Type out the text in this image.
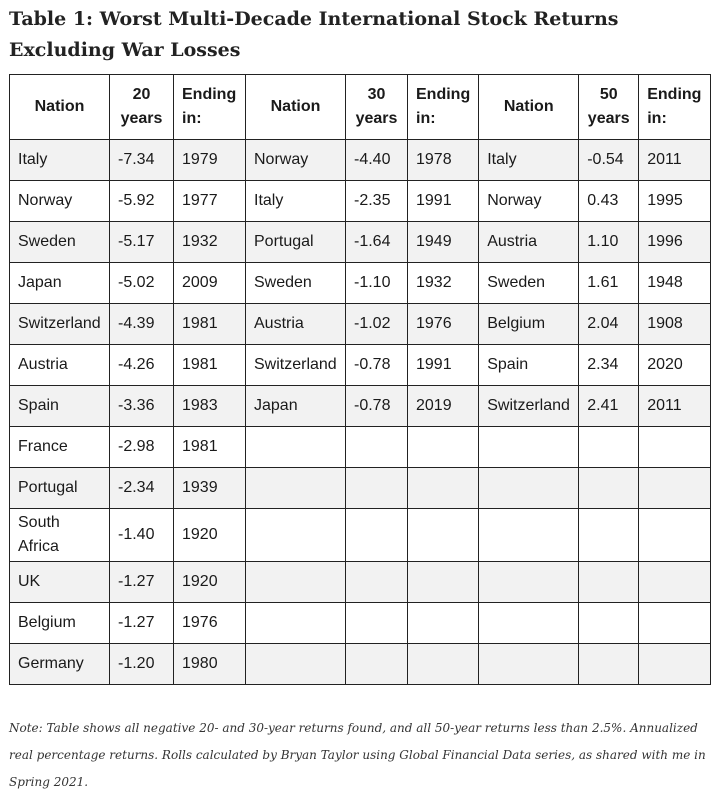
Table 1: Worst Multi-Decade International Stock Returns Excluding War Losses
Nation	20 years	Ending in:	Nation	30 years	Ending in:	Nation	50 years	Ending in:
Italy	-7.34	1979	Norway	-4.40	1978	Italy	-0.54	2011
Norway	-5.92	1977	Italy	-2.35	1991	Norway	0.43	1995
Sweden	-5.17	1932	Portugal	-1.64	1949	Austria	1.10	1996
Japan	-5.02	2009	Sweden	-1.10	1932	Sweden	1.61	1948
Switzerland	-4.39	1981	Austria	-1.02	1976	Belgium	2.04	1908
Austria	-4.26	1981	Switzerland	-0.78	1991	Spain	2.34	2020
Spain	-3.36	1983	Japan	-0.78	2019	Switzerland	2.41	2011
France	-2.98	1981						
Portugal	-2.34	1939						
South Africa	-1.40	1920						
UK	-1.27	1920						
Belgium	-1.27	1976						
Germany	-1.20	1980						
Note: Table shows all negative 20- and 30-year returns found, and all 50-year returns less than 2.5%. Annualized real percentage returns. Rolls calculated by Bryan Taylor using Global Financial Data series, as shared with me in Spring 2021.
